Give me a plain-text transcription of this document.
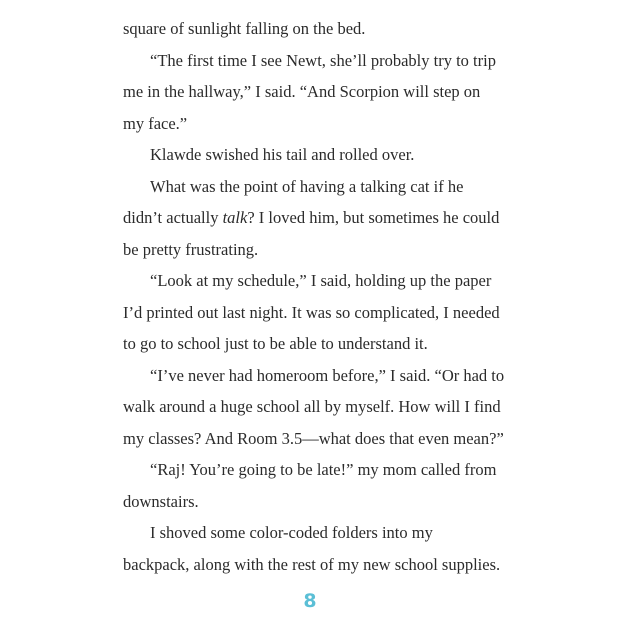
square of sunlight falling on the bed.
“The first time I see Newt, she’ll probably try to trip
me in the hallway,” I said. “And Scorpion will step on
my face.”
Klawde swished his tail and rolled over.
What was the point of having a talking cat if he
didn’t actually talk? I loved him, but sometimes he could
be pretty frustrating.
“Look at my schedule,” I said, holding up the paper
I’d printed out last night. It was so complicated, I needed
to go to school just to be able to understand it.
“I’ve never had homeroom before,” I said. “Or had to
walk around a huge school all by myself. How will I find
my classes? And Room 3.5—what does that even mean?”
“Raj! You’re going to be late!” my mom called from
downstairs.
I shoved some color-coded folders into my
backpack, along with the rest of my new school supplies.
8
